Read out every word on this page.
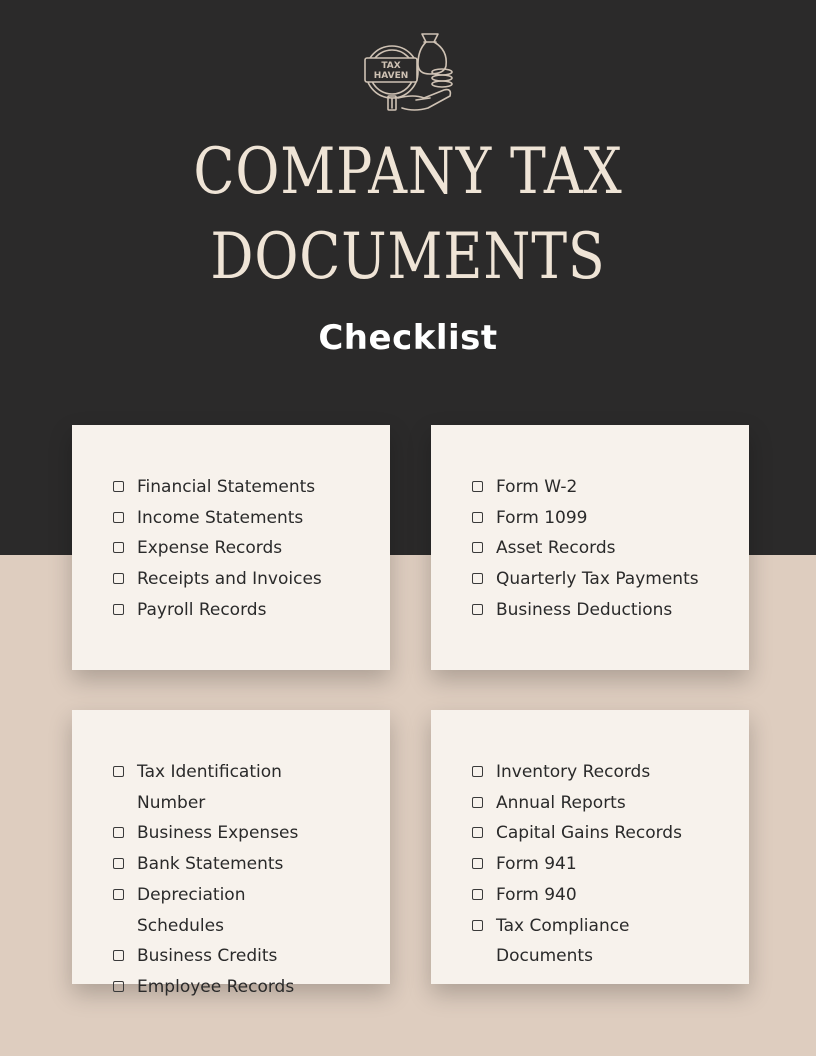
TAX
HAVEN
COMPANY TAX
DOCUMENTS
Checklist
Financial Statements
Income Statements
Expense Records
Receipts and Invoices
Payroll Records
Form W-2
Form 1099
Asset Records
Quarterly Tax Payments
Business Deductions
Tax Identification Number
Business Expenses
Bank Statements
Depreciation Schedules
Business Credits
Employee Records
Inventory Records
Annual Reports
Capital Gains Records
Form 941
Form 940
Tax Compliance Documents
